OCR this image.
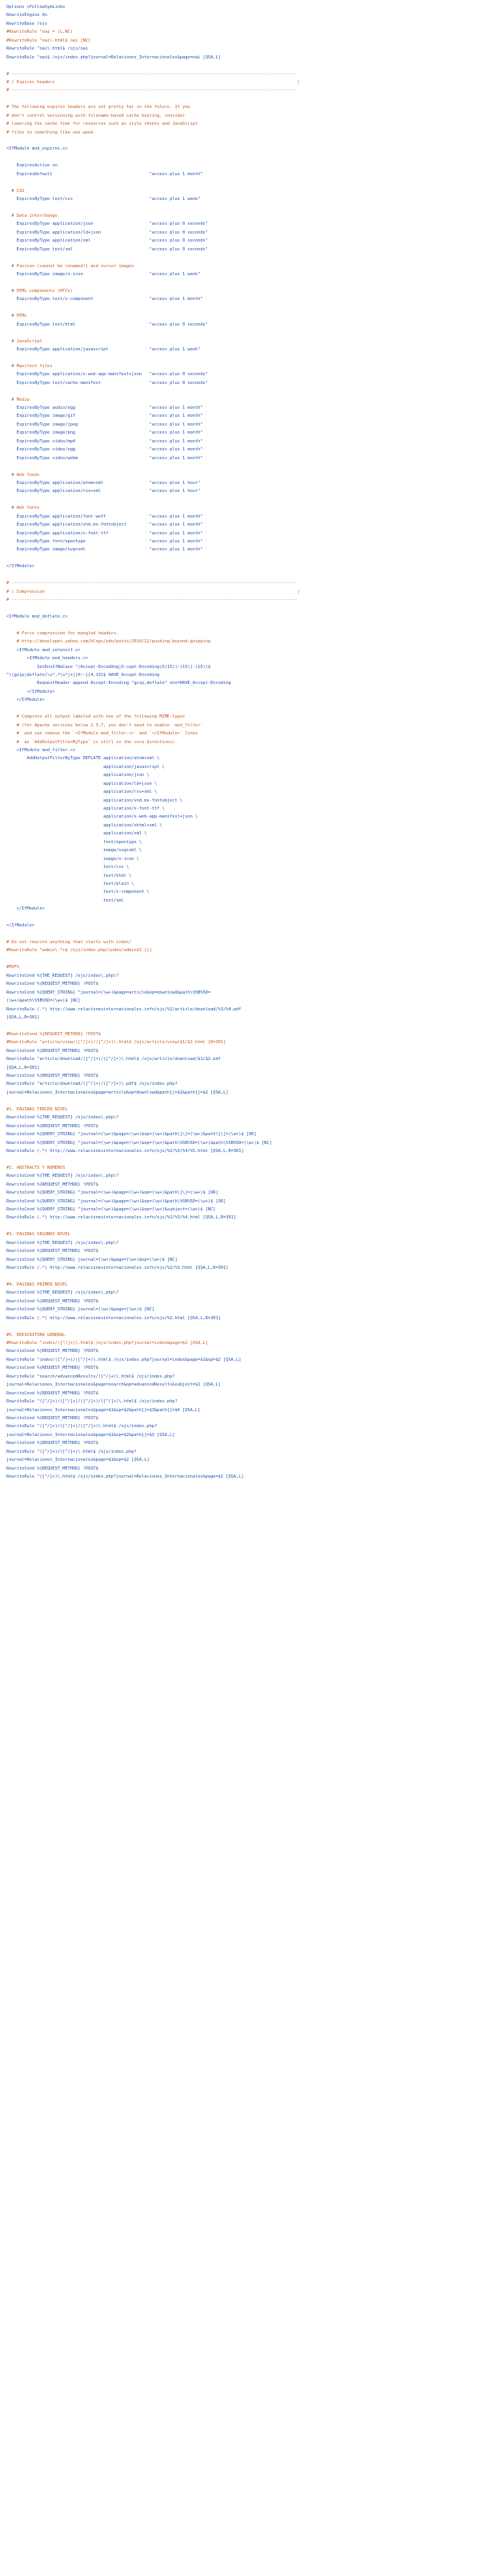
Options +FollowSymLinks
RewriteEngine On
RewriteBase /ojs
#RewriteRule "oai = (L,NC)
#RewriteRule "oai\.html$ oai [NC]
RewriteRule "oai\.html$ /ojs/oai
RewriteRule "oai$ /ojs/index.php?journal=Relaciones_Internacionales&page=oai [QSA,L]
# ----------------------------------------------------------------------------------------------------------------
# | Expires headers                                                                                               |
# ----------------------------------------------------------------------------------------------------------------
# The following expires headers are set pretty far in the future. If you
# don't control versioning with filename-based cache busting, consider
# lowering the cache time for resources such as style sheets and JavaScript
# files to something like one week.
<IfModule mod_expires.c>
ExpiresActive on
ExpiresDefault                                      "access plus 1 month"
# CSS
ExpiresByType text/css                              "access plus 1 week"
# Data interchange
ExpiresByType application/json                      "access plus 0 seconds"
ExpiresByType application/ld+json                   "access plus 0 seconds"
ExpiresByType application/xml                       "access plus 0 seconds"
ExpiresByType text/xml                              "access plus 0 seconds"
# Favicon (cannot be renamed!) and cursor images
ExpiresByType image/x-icon                          "access plus 1 week"
# HTML components (HTCs)
ExpiresByType text/x-component                      "access plus 1 month"
# HTML
ExpiresByType text/html                             "access plus 0 seconds"
# JavaScript
ExpiresByType application/javascript                "access plus 1 week"
# Manifest files
ExpiresByType application/x-web-app-manifest+json   "access plus 0 seconds"
ExpiresByType text/cache-manifest                   "access plus 0 seconds"
# Media
ExpiresByType audio/ogg                             "access plus 1 month"
ExpiresByType image/gif                             "access plus 1 month"
ExpiresByType image/jpeg                            "access plus 1 month"
ExpiresByType image/png                             "access plus 1 month"
ExpiresByType video/mp4                             "access plus 1 month"
ExpiresByType video/ogg                             "access plus 1 month"
ExpiresByType video/webm                            "access plus 1 month"
# Web feeds
ExpiresByType application/atom+xml                  "access plus 1 hour"
ExpiresByType application/rss+xml                   "access plus 1 hour"
# Web fonts
ExpiresByType application/font-woff                 "access plus 1 month"
ExpiresByType application/vnd.ms-fontobject         "access plus 1 month"
ExpiresByType application/x-font-ttf                "access plus 1 month"
ExpiresByType font/opentype                         "access plus 1 month"
ExpiresByType image/svg+xml                         "access plus 1 month"
</IfModule>
# ----------------------------------------------------------------------------------------------------------------
# | Compression                                                                                                   |
# ----------------------------------------------------------------------------------------------------------------
<IfModule mod_deflate.c>
# Force compression for mangled headers.
# http://developer.yahoo.com/blogs/ydn/posts/2010/12/pushing-beyond-gzipping
<IfModule mod_setenvif.c>
<IfModule mod_headers.c>
SetEnvIfNoCase ^(Accept-EncodXng|X-cept-Encoding|X(15)|~(15)|-(15))$
^((gzip|deflate)\s*,?\s*)+|[X~-]{4,13}$ HAVE_Accept-Encoding
RequestHeader append Accept-Encoding "gzip,deflate" env=HAVE_Accept-Encoding
</IfModule>
</IfModule>
# Compress all output labeled with one of the following MIME-types
# (for Apache versions below 2.3.7, you don't need to enable `mod_filter`
#  and can remove the `<IfModule mod_filter.c>` and `</IfModule>` lines
#  as `AddOutputFilterByType` is still in the core directives).
<IfModule mod_filter.c>
AddOutputFilterByType DEFLATE application/atom+xml \
application/javascript \
application/json \
application/ld+json \
application/rss+xml \
application/vnd.ms-fontobject \
application/x-font-ttf \
application/x-web-app-manifest+json \
application/xhtml+xml \
application/xml \
font/opentype \
image/svg+xml \
image/x-icon \
text/css \
text/html \
text/plain \
text/x-component \
text/xml
</IfModule>
</IfModule>
# Do not rewrite anything that starts with index/
#RewriteRule "admin\.*+$ /ojs/index.php/index/admin$1 [L]
#PDFS
RewriteCond %{THE_REQUEST} /ojs/index\.php\?
RewriteCond %{REQUEST_METHOD} !POST$
RewriteCond %{QUERY_STRING} ^journal=(\w+)&page=article&op=download&path\%5B%5D=
(\w+)&path\%5B%5D=(\w+)$ [NC]
RewriteRule (.*) http://www.relacionesinternacionales.info/ojs/%2/article/download/%3/%4.pdf
[QSA,L,R=301]
#RewriteCond %{REQUEST_METHOD} !POST$
#RewriteRule "article/view/([^/]+)/([^/]+)\.html$ /ojs/article/view/$1/$2.html [R=301]
RewriteCond %{REQUEST_METHOD} !POST$
RewriteRule "article/download/([^/]+)/([^/]+)\.html$ /ojs/article/download/$1/$2.pdf
[QSA,L,R=301]
RewriteCond %{REQUEST_METHOD} !POST$
RewriteRule "article/download/([^/]+)/([^/]+)\.pdf$ /ojs/index.php?
journal=Relaciones_Internacionales&page=article&op=download&path[]=$1&path[]=$2 [QSA,L]
#1. PAGINAS TERCER NIVEL
RewriteCond %{THE_REQUEST} /ojs/index\.php\?
RewriteCond %{REQUEST_METHOD} !POST$
RewriteCond %{QUERY_STRING} ^journal=(\w+)&page=(\w+)&op=(\w+)&path\[\]=(\w+)&path\[\]=(\w+)$ [OR]
RewriteCond %{QUERY_STRING} ^journal=(\w+)&page=(\w+)&op=(\w+)&path\%5B%5D=(\w+)&path\%5B%5D=(\w+)$ [NC]
RewriteRule (.*) http://www.relacionesinternacionales.info/ojs/%2/%3/%4/%5.html [QSA,L,R=301]
#2. ABSTRACTS Y NUMEROS
RewriteCond %{THE_REQUEST} /ojs/index\.php\?
RewriteCond %{REQUEST_METHOD} !POST$
RewriteCond %{QUERY_STRING} ^journal=(\w+)&page=(\w+)&op=(\w+)&path\[\]=(\w+)$ [OR]
RewriteCond %{QUERY_STRING} ^journal=(\w+)&page=(\w+)&op=(\w+)&path\%5B%5D=(\w+)$ [OR]
RewriteCond %{QUERY_STRING} ^journal=(\w+)&page=(\w+)&op=(\w+)&subject=(\w+)$ [NC]
RewriteRule (.*) http://www.relacionesinternacionales.info/ojs/%2/%3/%4.html [QSA,L,R=301]
#3. PAGINAS SEGUNDO NIVEL
RewriteCond %{THE_REQUEST} /ojs/index\.php\?
RewriteCond %{REQUEST_METHOD} !POST$
RewriteCond %{QUERY_STRING} journal=(\w+)&page=(\w+)&op=(\w+)$ [NC]
RewriteRule (.*) http://www.relacionesinternacionales.info/ojs/%2/%3.html [QSA,L,R=301]
#4. PAGINAS PRIMER NIVEL
RewriteCond %{THE_REQUEST} /ojs/index\.php\?
RewriteCond %{REQUEST_METHOD} !POST$
RewriteCond %{QUERY_STRING} journal=(\w+)&page=(\w+)$ [NC]
RewriteRule (.*) http://www.relacionesinternacionales.info/ojs/%2.html [QSA,L,R=301]
#5. REESCRITURA GENERAL
#RewriteRule "index/([^/]+)\.html$ /ojs/index.php?journal=index&page=$1 [QSA,L]
RewriteCond %{REQUEST_METHOD} !POST$
RewriteRule "index/([^/]+)/([^/]+)\.html$ /ojs/index.php?journal=index&page=$1&op=$2 [QSA,L]
RewriteCond %{REQUEST_METHOD} !POST$
RewriteRule "search/advancedResults/([^/]+)\.html$ /ojs/index.php?
journal=Relaciones_Internacionales&page=search&op=advancedResults&subject=$1 [QSA,L]
RewriteCond %{REQUEST_METHOD} !POST$
RewriteRule "([^/]+)/([^/]+)/([^/]+)/([^/]+)\.html$ /ojs/index.php?
journal=Relaciones_Internacionales&page=$1&op=$2&path[]=$3&path[]=$4 [QSA,L]
RewriteCond %{REQUEST_METHOD} !POST$
RewriteRule "([^/]+)/([^/]+)/([^/]+)\.html$ /ojs/index.php?
journal=Relaciones_Internacionales&page=$1&op=$2&path[]=$3 [QSA,L]
RewriteCond %{REQUEST_METHOD} !POST$
RewriteRule "([^/]+)/([^/]+)\.html$ /ojs/index.php?
journal=Relaciones_Internacionales&page=$1&op=$2 [QSA,L]
RewriteCond %{REQUEST_METHOD} !POST$
RewriteRule "([^/]+)\.html$ /ojs/index.php?journal=Relaciones_Internacionales&page=$1 [QSA,L]
